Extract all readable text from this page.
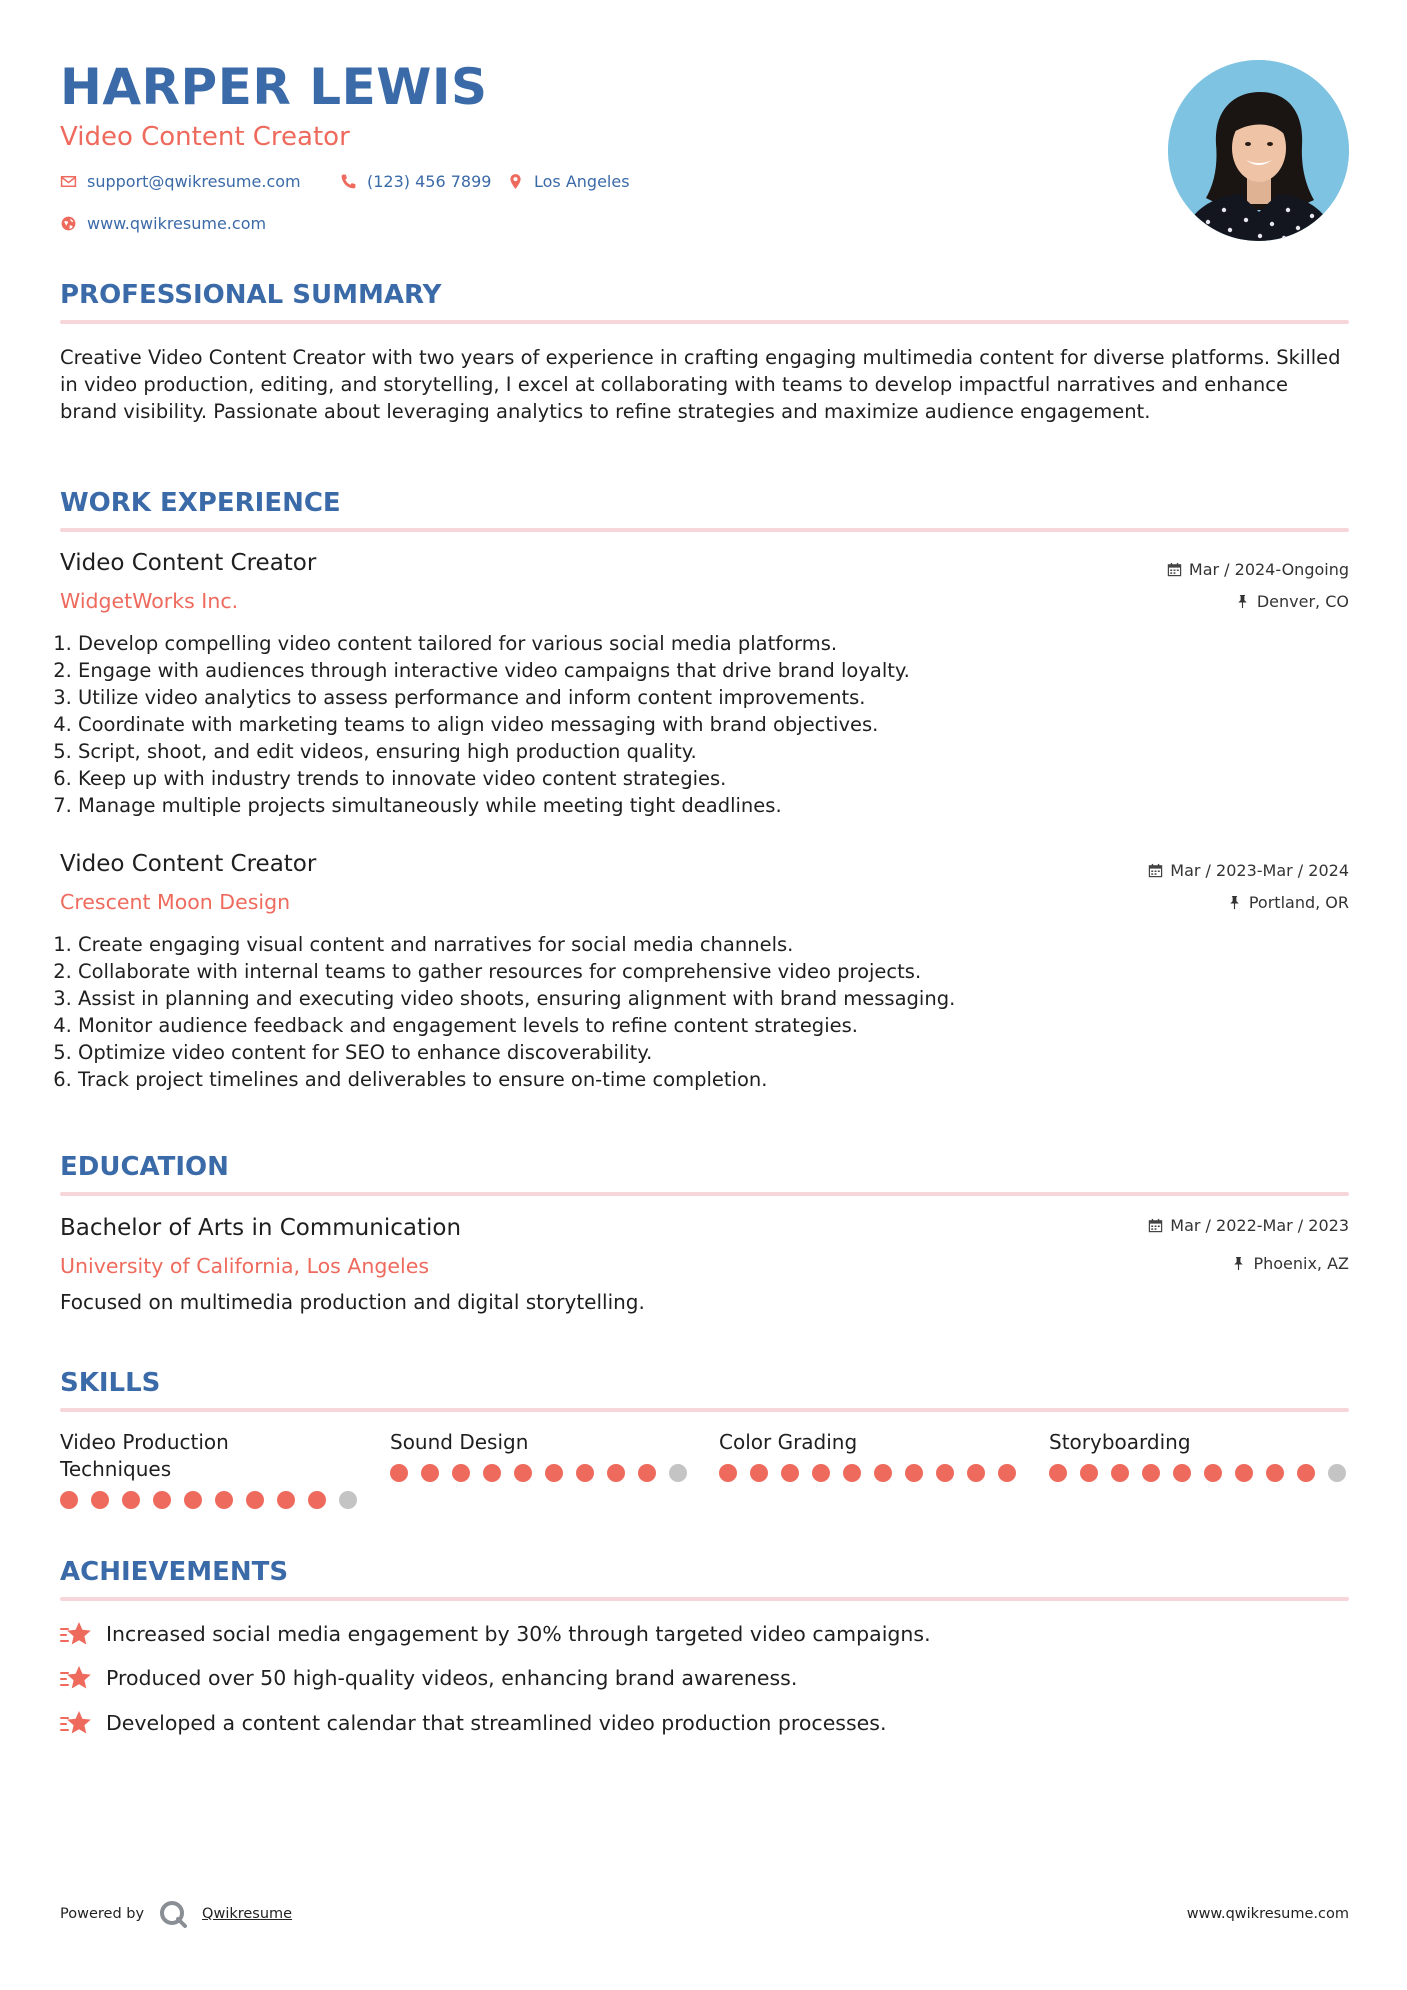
HARPER LEWIS
Video Content Creator
support@qwikresume.com	(123) 456 7899	Los Angeles
www.qwikresume.com
PROFESSIONAL SUMMARY

Creative Video Content Creator with two years of experience in crafting engaging multimedia content for diverse platforms. Skilled in video production, editing, and storytelling, I excel at collaborating with teams to develop impactful narratives and enhance brand visibility. Passionate about leveraging analytics to refine strategies and maximize audience engagement.

WORK EXPERIENCE
Video Content Creator
WidgetWorks Inc.
Mar / 2024-Ongoing
Denver, CO
1. Develop compelling video content tailored for various social media platforms.
2. Engage with audiences through interactive video campaigns that drive brand loyalty.
3. Utilize video analytics to assess performance and inform content improvements.
4. Coordinate with marketing teams to align video messaging with brand objectives.
5. Script, shoot, and edit videos, ensuring high production quality.
6. Keep up with industry trends to innovate video content strategies.
7. Manage multiple projects simultaneously while meeting tight deadlines.
Video Content Creator
Crescent Moon Design
Mar / 2023-Mar / 2024
Portland, OR
1. Create engaging visual content and narratives for social media channels.
2. Collaborate with internal teams to gather resources for comprehensive video projects.
3. Assist in planning and executing video shoots, ensuring alignment with brand messaging.
4. Monitor audience feedback and engagement levels to refine content strategies.
5. Optimize video content for SEO to enhance discoverability.
6. Track project timelines and deliverables to ensure on-time completion.
EDUCATION
Bachelor of Arts in Communication
University of California, Los Angeles
Mar / 2022-Mar / 2023
Phoenix, AZ
Focused on multimedia production and digital storytelling.
SKILLS
Video Production
Techniques
Sound Design	Color Grading	Storyboarding
ACHIEVEMENTS
Increased social media engagement by 30% through targeted video campaigns.
Produced over 50 high-quality videos, enhancing brand awareness.
Developed a content calendar that streamlined video production processes.
Powered by	Qwikresume	www.qwikresume.com
